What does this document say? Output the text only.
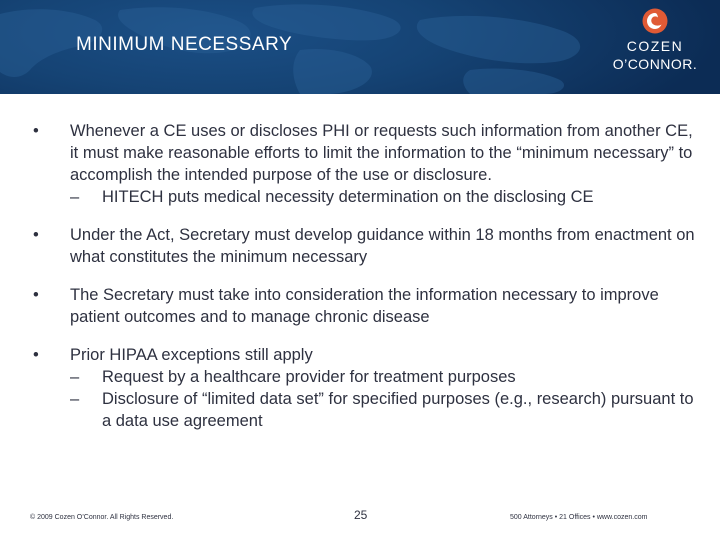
MINIMUM NECESSARY	COZEN
O’CONNOR.
• Whenever a CE uses or discloses PHI or requests such information from another CE, it must make reasonable efforts to limit the information to the “minimum necessary” to accomplish the intended purpose of the use or disclosure.
– HITECH puts medical necessity determination on the disclosing CE
• Under the Act, Secretary must develop guidance within 18 months from enactment on what constitutes the minimum necessary
• The Secretary must take into consideration the information necessary to improve patient outcomes and to manage chronic disease
• Prior HIPAA exceptions still apply
– Request by a healthcare provider for treatment purposes
– Disclosure of “limited data set” for specified purposes (e.g., research) pursuant to a data use agreement
© 2009 Cozen O’Connor. All Rights Reserved.	25	500 Attorneys • 21 Offices • www.cozen.com
